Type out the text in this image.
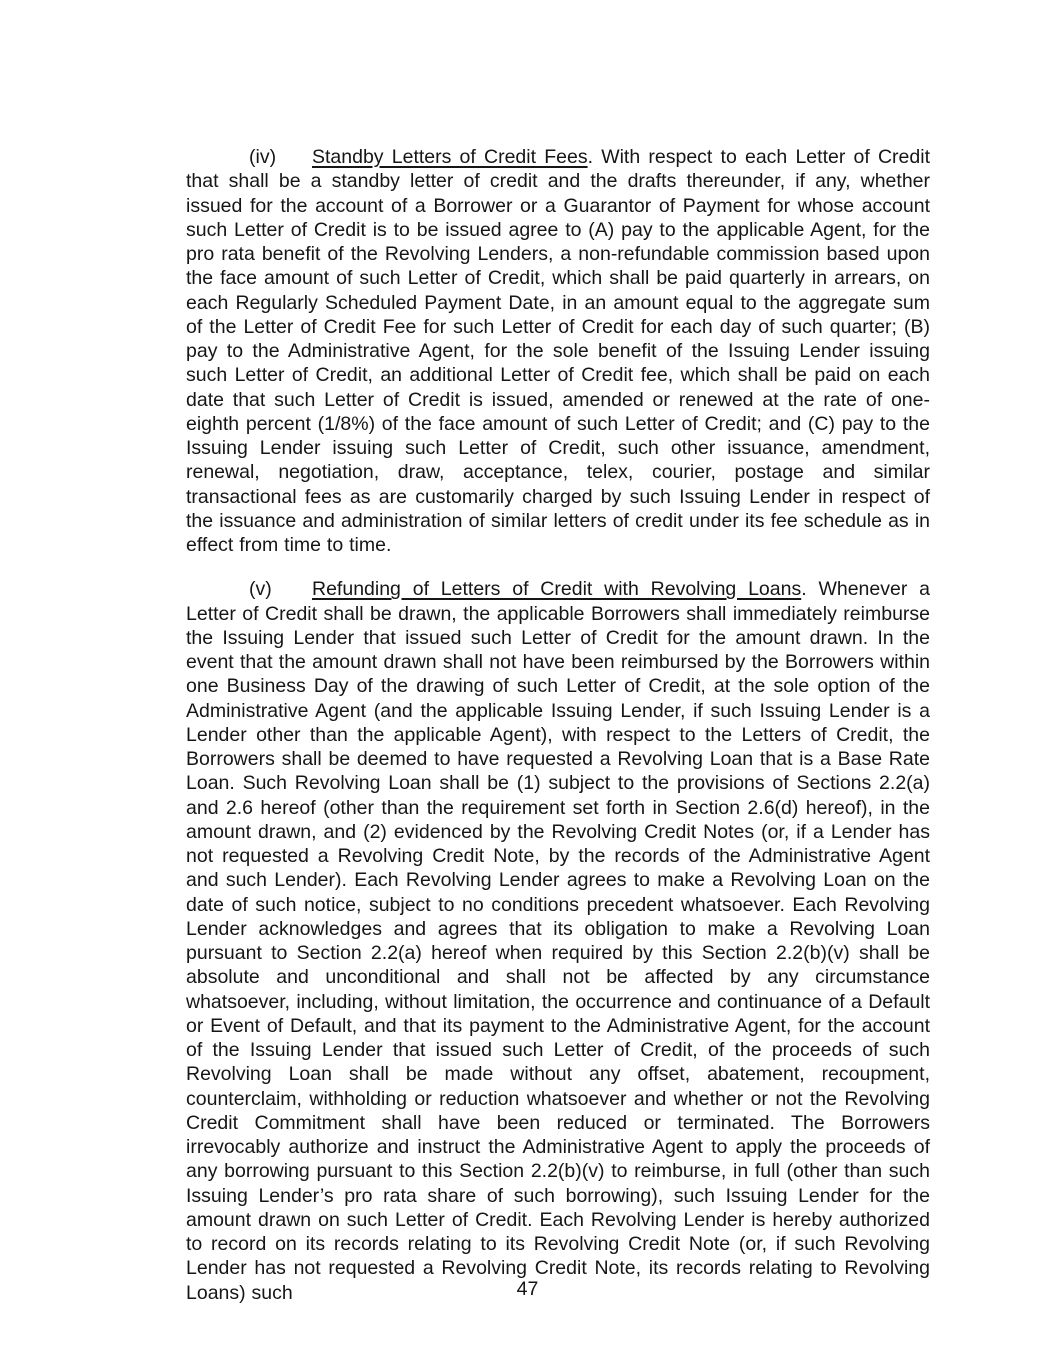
(iv) Standby Letters of Credit Fees. With respect to each Letter of Credit that shall be a standby letter of credit and the drafts thereunder, if any, whether issued for the account of a Borrower or a Guarantor of Payment for whose account such Letter of Credit is to be issued agree to (A) pay to the applicable Agent, for the pro rata benefit of the Revolving Lenders, a non-refundable commission based upon the face amount of such Letter of Credit, which shall be paid quarterly in arrears, on each Regularly Scheduled Payment Date, in an amount equal to the aggregate sum of the Letter of Credit Fee for such Letter of Credit for each day of such quarter; (B) pay to the Administrative Agent, for the sole benefit of the Issuing Lender issuing such Letter of Credit, an additional Letter of Credit fee, which shall be paid on each date that such Letter of Credit is issued, amended or renewed at the rate of one-eighth percent (1/8%) of the face amount of such Letter of Credit; and (C) pay to the Issuing Lender issuing such Letter of Credit, such other issuance, amendment, renewal, negotiation, draw, acceptance, telex, courier, postage and similar transactional fees as are customarily charged by such Issuing Lender in respect of the issuance and administration of similar letters of credit under its fee schedule as in effect from time to time.

(v) Refunding of Letters of Credit with Revolving Loans. Whenever a Letter of Credit shall be drawn, the applicable Borrowers shall immediately reimburse the Issuing Lender that issued such Letter of Credit for the amount drawn. In the event that the amount drawn shall not have been reimbursed by the Borrowers within one Business Day of the drawing of such Letter of Credit, at the sole option of the Administrative Agent (and the applicable Issuing Lender, if such Issuing Lender is a Lender other than the applicable Agent), with respect to the Letters of Credit, the Borrowers shall be deemed to have requested a Revolving Loan that is a Base Rate Loan. Such Revolving Loan shall be (1) subject to the provisions of Sections 2.2(a) and 2.6 hereof (other than the requirement set forth in Section 2.6(d) hereof), in the amount drawn, and (2) evidenced by the Revolving Credit Notes (or, if a Lender has not requested a Revolving Credit Note, by the records of the Administrative Agent and such Lender). Each Revolving Lender agrees to make a Revolving Loan on the date of such notice, subject to no conditions precedent whatsoever. Each Revolving Lender acknowledges and agrees that its obligation to make a Revolving Loan pursuant to Section 2.2(a) hereof when required by this Section 2.2(b)(v) shall be absolute and unconditional and shall not be affected by any circumstance whatsoever, including, without limitation, the occurrence and continuance of a Default or Event of Default, and that its payment to the Administrative Agent, for the account of the Issuing Lender that issued such Letter of Credit, of the proceeds of such Revolving Loan shall be made without any offset, abatement, recoupment, counterclaim, withholding or reduction whatsoever and whether or not the Revolving Credit Commitment shall have been reduced or terminated. The Borrowers irrevocably authorize and instruct the Administrative Agent to apply the proceeds of any borrowing pursuant to this Section 2.2(b)(v) to reimburse, in full (other than such Issuing Lender’s pro rata share of such borrowing), such Issuing Lender for the amount drawn on such Letter of Credit. Each Revolving Lender is hereby authorized to record on its records relating to its Revolving Credit Note (or, if such Revolving Lender has not requested a Revolving Credit Note, its records relating to Revolving Loans) such	47
